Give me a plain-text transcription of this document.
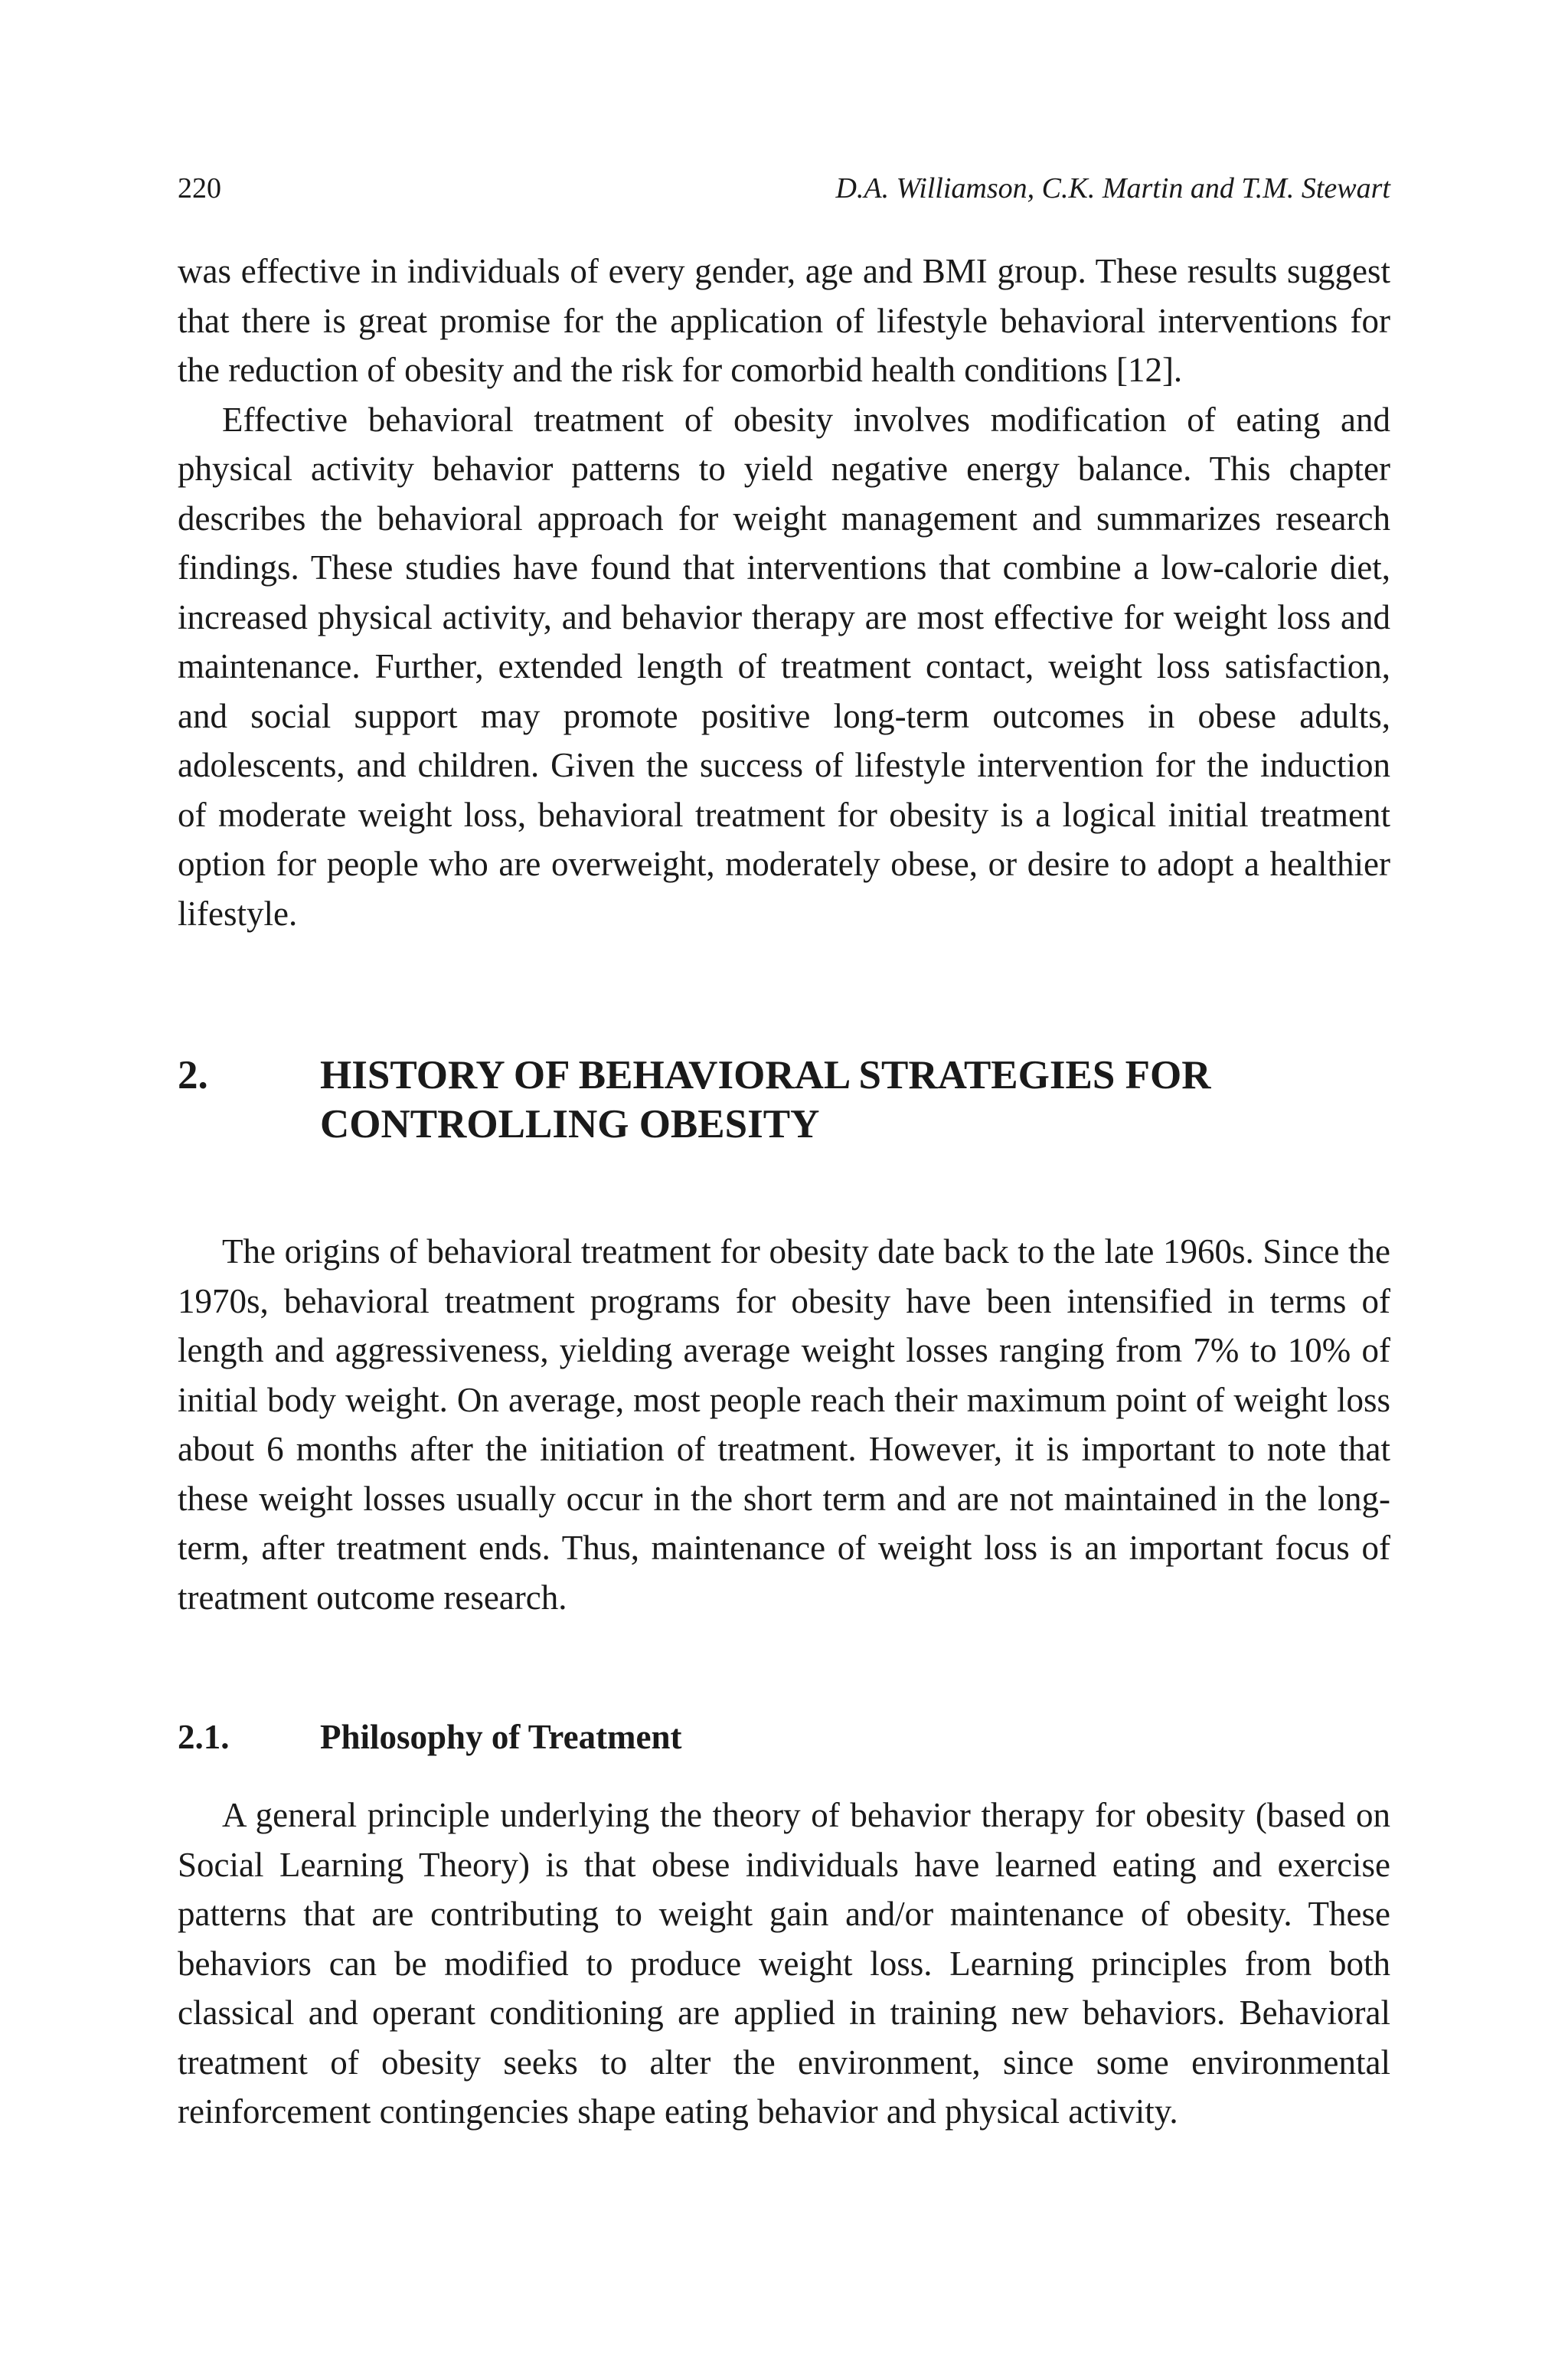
220	D.A. Williamson, C.K. Martin and T.M. Stewart

was effective in individuals of every gender, age and BMI group. These results suggest that there is great promise for the application of lifestyle behavioral interventions for the reduction of obesity and the risk for comorbid health conditions [12].

Effective behavioral treatment of obesity involves modification of eating and physical activity behavior patterns to yield negative energy balance. This chapter describes the behavioral approach for weight management and summarizes research findings. These studies have found that interventions that combine a low-calorie diet, increased physical activity, and behavior therapy are most effective for weight loss and maintenance. Further, extended length of treatment contact, weight loss satisfaction, and social support may promote positive long-term outcomes in obese adults, adolescents, and children. Given the success of lifestyle intervention for the induction of moderate weight loss, behavioral treatment for obesity is a logical initial treatment option for people who are overweight, moderately obese, or desire to adopt a healthier lifestyle.

2.	HISTORY OF BEHAVIORAL STRATEGIES FOR CONTROLLING OBESITY

The origins of behavioral treatment for obesity date back to the late 1960s. Since the 1970s, behavioral treatment programs for obesity have been intensified in terms of length and aggressiveness, yielding average weight losses ranging from 7% to 10% of initial body weight. On average, most people reach their maximum point of weight loss about 6 months after the initiation of treatment. However, it is important to note that these weight losses usually occur in the short term and are not maintained in the long-term, after treatment ends. Thus, maintenance of weight loss is an important focus of treatment outcome research.

2.1.	Philosophy of Treatment

A general principle underlying the theory of behavior therapy for obesity (based on Social Learning Theory) is that obese individuals have learned eating and exercise patterns that are contributing to weight gain and/or maintenance of obesity. These behaviors can be modified to produce weight loss. Learning principles from both classical and operant conditioning are applied in training new behaviors. Behavioral treatment of obesity seeks to alter the environment, since some environmental reinforcement contingencies shape eating behavior and physical activity.
